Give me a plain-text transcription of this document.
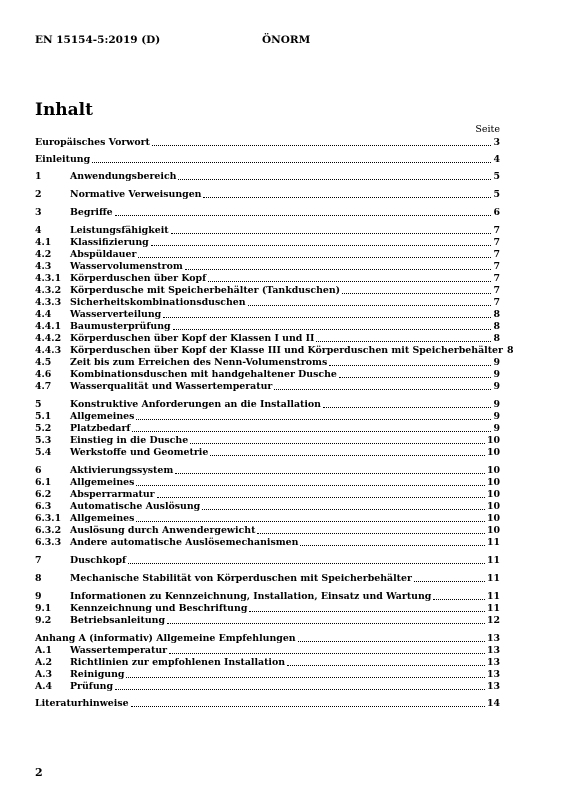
EN 15154-5:2019 (D)	ÖNORM
Inhalt
Seite
Europäisches Vorwort	3
Einleitung	4
1	Anwendungsbereich	5
2	Normative Verweisungen	5
3	Begriffe	6
4	Leistungsfähigkeit	7
4.1	Klassifizierung	7
4.2	Abspüldauer	7
4.3	Wasservolumenstrom	7
4.3.1 Körperduschen über Kopf	7
4.3.2 Körperdusche mit Speicherbehälter (Tankduschen)	7
4.3.3 Sicherheitskombinationsduschen	7
4.4	Wasserverteilung	8
4.4.1 Baumusterprüfung	8
4.4.2 Körperduschen über Kopf der Klassen I und II	8
4.4.3 Körperduschen über Kopf der Klasse III und Körperduschen mit Speicherbehälter 8
4.5	Zeit bis zum Erreichen des Nenn-Volumenstroms	9
4.6	Kombinationsduschen mit handgehaltener Dusche	9
4.7	Wasserqualität und Wassertemperatur	9
5	Konstruktive Anforderungen an die Installation	9
5.1	Allgemeines	9
5.2	Platzbedarf	9
5.3	Einstieg in die Dusche	10
5.4	Werkstoffe und Geometrie	10
6	Aktivierungssystem	10
6.1	Allgemeines	10
6.2	Absperrarmatur	10
6.3	Automatische Auslösung	10
6.3.1 Allgemeines	10
6.3.2 Auslösung durch Anwendergewicht	10
6.3.3 Andere automatische Auslösemechanismen	11
7	Duschkopf	11
8	Mechanische Stabilität von Körperduschen mit Speicherbehälter	11
9	Informationen zu Kennzeichnung, Installation, Einsatz und Wartung	11
9.1	Kennzeichnung und Beschriftung	11
9.2	Betriebsanleitung	12
Anhang A (informativ) Allgemeine Empfehlungen	13
A.1	Wassertemperatur	13
A.2	Richtlinien zur empfohlenen Installation	13
A.3	Reinigung	13
A.4	Prüfung	13
Literaturhinweise	14
2
